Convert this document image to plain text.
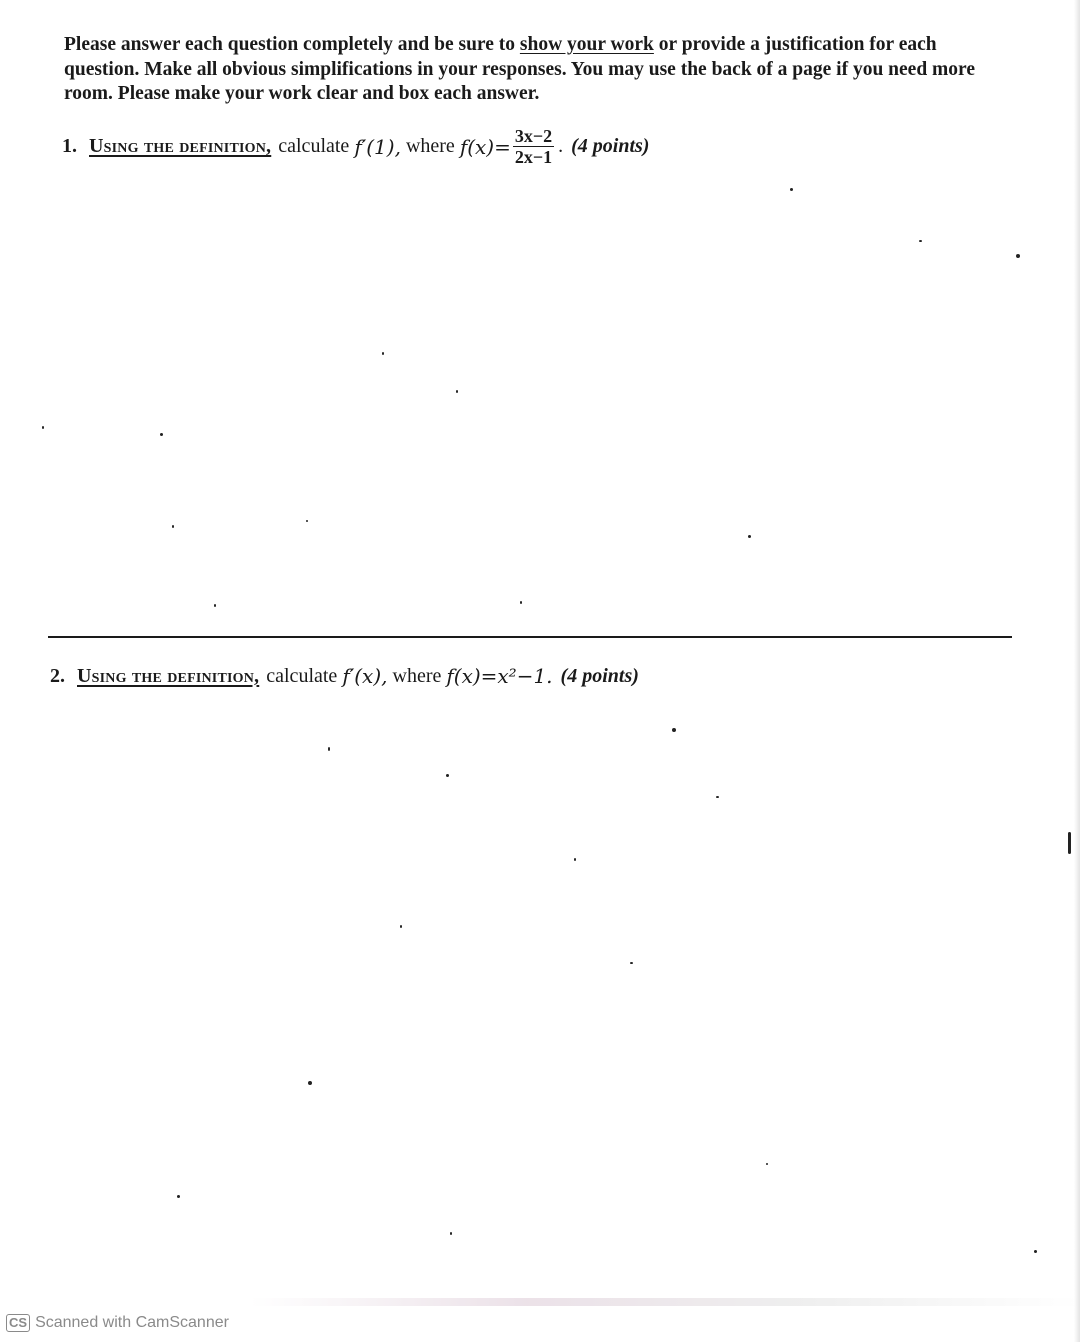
Please answer each question completely and be sure to show your work or provide a justification for each
question. Make all obvious simplifications in your responses. You may use the back of a page if you need more
room. Please make your work clear and box each answer.
1. Using the definition, calculate f′(1), where $f(x)= \frac{3x-2}{2x-1}$ . (4 points)
2. Using the definition, calculate f′(x), where f(x)=x²−1. (4 points)
CS Scanned with CamScanner
